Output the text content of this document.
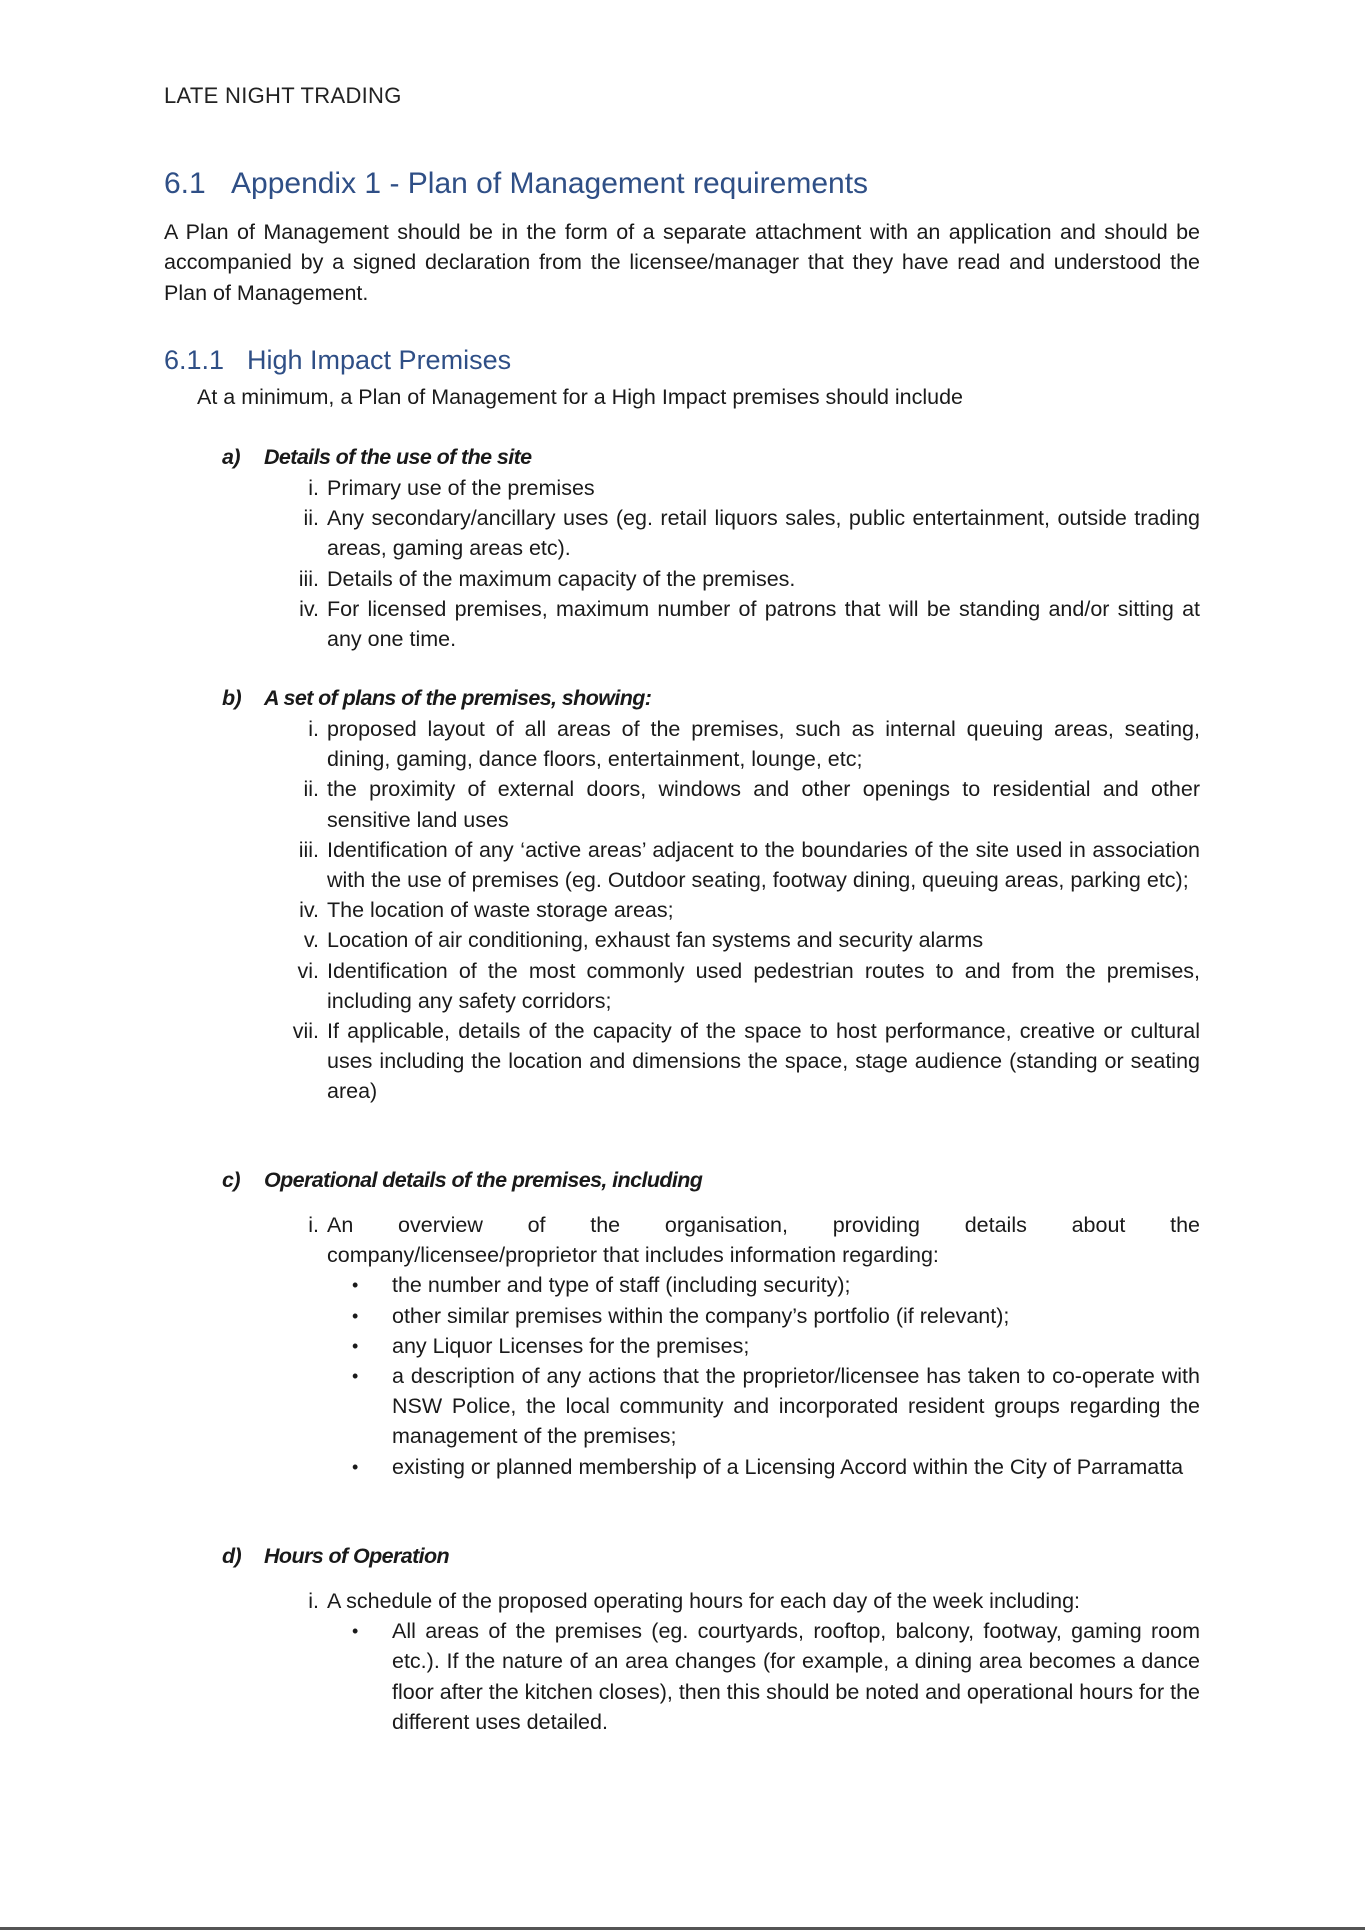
LATE NIGHT TRADING
6.1 Appendix 1 - Plan of Management requirements
A Plan of Management should be in the form of a separate attachment with an application and should be accompanied by a signed declaration from the licensee/manager that they have read and understood the Plan of Management.
6.1.1 High Impact Premises
At a minimum, a Plan of Management for a High Impact premises should include
a) Details of the use of the site
i. Primary use of the premises
ii. Any secondary/ancillary uses (eg. retail liquors sales, public entertainment, outside trading areas, gaming areas etc).
iii. Details of the maximum capacity of the premises.
iv. For licensed premises, maximum number of patrons that will be standing and/or sitting at any one time.
b) A set of plans of the premises, showing:
i. proposed layout of all areas of the premises, such as internal queuing areas, seating, dining, gaming, dance floors, entertainment, lounge, etc;
ii. the proximity of external doors, windows and other openings to residential and other sensitive land uses
iii. Identification of any ‘active areas’ adjacent to the boundaries of the site used in association with the use of premises (eg. Outdoor seating, footway dining, queuing areas, parking etc);
iv. The location of waste storage areas;
v. Location of air conditioning, exhaust fan systems and security alarms
vi. Identification of the most commonly used pedestrian routes to and from the premises, including any safety corridors;
vii. If applicable, details of the capacity of the space to host performance, creative or cultural uses including the location and dimensions the space, stage audience (standing or seating area)
c) Operational details of the premises, including
i. An overview of the organisation, providing details about the
company/licensee/proprietor that includes information regarding:
• the number and type of staff (including security);
• other similar premises within the company’s portfolio (if relevant);
• any Liquor Licenses for the premises;
• a description of any actions that the proprietor/licensee has taken to co-operate with NSW Police, the local community and incorporated resident groups regarding the management of the premises;
• existing or planned membership of a Licensing Accord within the City of Parramatta
d) Hours of Operation
i. A schedule of the proposed operating hours for each day of the week including:
• All areas of the premises (eg. courtyards, rooftop, balcony, footway, gaming room etc.). If the nature of an area changes (for example, a dining area becomes a dance floor after the kitchen closes), then this should be noted and operational hours for the different uses detailed.
